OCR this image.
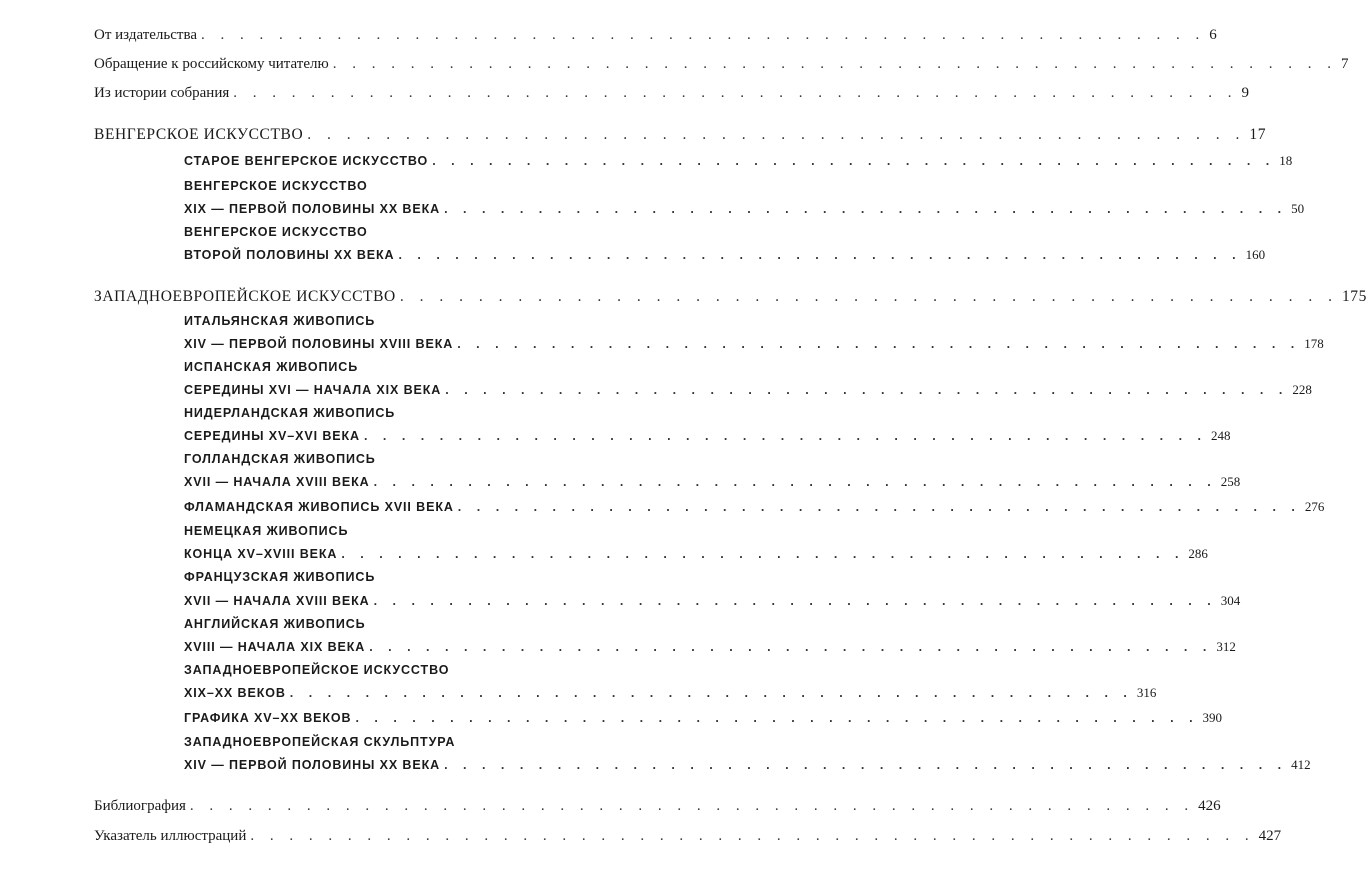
От издательства . . . . . . . . . . . . . . . . . . . . . . . . . . . . . . . . . . . . . . . . . . . . . . . . . . . . 6
Обращение к российскому читателю . . . . . . . . . . . . . . . . . . . . . . . . . . . . . . . . . . . . . . . . . . . . . . . . . . . . 7
Из истории собрания . . . . . . . . . . . . . . . . . . . . . . . . . . . . . . . . . . . . . . . . . . . . . . . . . . . . 9
ВЕНГЕРСКОЕ ИСКУССТВО . . . . . . . . . . . . . . . . . . . . . . . . . . . . . . . . . . . . . . . . . . . . . . . . 17
СТАРОЕ ВЕНГЕРСКОЕ ИСКУССТВО . . . . . . . . . . . . . . . . . . . . . . . . . . . . . . . . . . . . . . . . . . . . . 18
ВЕНГЕРСКОЕ ИСКУССТВО
XIX — ПЕРВОЙ ПОЛОВИНЫ XX ВЕКА . . . . . . . . . . . . . . . . . . . . . . . . . . . . . . . . . . . . . . . . . . . . . 50
ВЕНГЕРСКОЕ ИСКУССТВО
ВТОРОЙ ПОЛОВИНЫ XX ВЕКА . . . . . . . . . . . . . . . . . . . . . . . . . . . . . . . . . . . . . . . . . . . . . 160
ЗАПАДНОЕВРОПЕЙСКОЕ ИСКУССТВО . . . . . . . . . . . . . . . . . . . . . . . . . . . . . . . . . . . . . . . . . . . . . . . . 175
ИТАЛЬЯНСКАЯ ЖИВОПИСЬ
XIV — ПЕРВОЙ ПОЛОВИНЫ XVIII ВЕКА . . . . . . . . . . . . . . . . . . . . . . . . . . . . . . . . . . . . . . . . . . . . . 178
ИСПАНСКАЯ ЖИВОПИСЬ
СЕРЕДИНЫ XVI — НАЧАЛА XIX ВЕКА . . . . . . . . . . . . . . . . . . . . . . . . . . . . . . . . . . . . . . . . . . . . . 228
НИДЕРЛАНДСКАЯ ЖИВОПИСЬ
СЕРЕДИНЫ XV–XVI ВЕКА . . . . . . . . . . . . . . . . . . . . . . . . . . . . . . . . . . . . . . . . . . . . . 248
ГОЛЛАНДСКАЯ ЖИВОПИСЬ
XVII — НАЧАЛА XVIII ВЕКА . . . . . . . . . . . . . . . . . . . . . . . . . . . . . . . . . . . . . . . . . . . . . 258
ФЛАМАНДСКАЯ ЖИВОПИСЬ XVII ВЕКА . . . . . . . . . . . . . . . . . . . . . . . . . . . . . . . . . . . . . . . . . . . . . 276
НЕМЕЦКАЯ ЖИВОПИСЬ
КОНЦА XV–XVIII ВЕКА . . . . . . . . . . . . . . . . . . . . . . . . . . . . . . . . . . . . . . . . . . . . . 286
ФРАНЦУЗСКАЯ ЖИВОПИСЬ
XVII — НАЧАЛА XVIII ВЕКА . . . . . . . . . . . . . . . . . . . . . . . . . . . . . . . . . . . . . . . . . . . . . 304
АНГЛИЙСКАЯ ЖИВОПИСЬ
XVIII — НАЧАЛА XIX ВЕКА . . . . . . . . . . . . . . . . . . . . . . . . . . . . . . . . . . . . . . . . . . . . . 312
ЗАПАДНОЕВРОПЕЙСКОЕ ИСКУССТВО
XIX–XX ВЕКОВ . . . . . . . . . . . . . . . . . . . . . . . . . . . . . . . . . . . . . . . . . . . . . 316
ГРАФИКА XV–XX ВЕКОВ . . . . . . . . . . . . . . . . . . . . . . . . . . . . . . . . . . . . . . . . . . . . . 390
ЗАПАДНОЕВРОПЕЙСКАЯ СКУЛЬПТУРА
XIV — ПЕРВОЙ ПОЛОВИНЫ XX ВЕКА . . . . . . . . . . . . . . . . . . . . . . . . . . . . . . . . . . . . . . . . . . . . . 412
Библиография . . . . . . . . . . . . . . . . . . . . . . . . . . . . . . . . . . . . . . . . . . . . . . . . . . . . 426
Указатель иллюстраций . . . . . . . . . . . . . . . . . . . . . . . . . . . . . . . . . . . . . . . . . . . . . . . . . . . . 427
